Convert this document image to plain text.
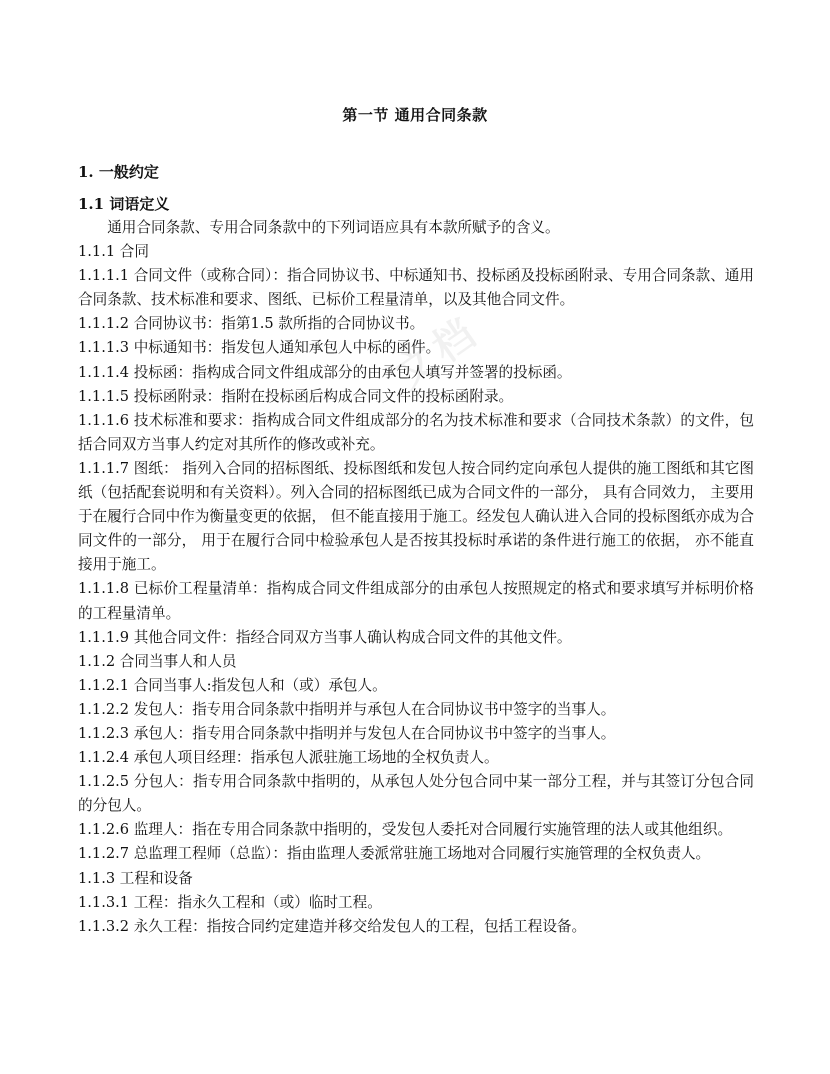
文档
第一节 通用合同条款

1. 一般约定

1.1 词语定义

通用合同条款、专用合同条款中的下列词语应具有本款所赋予的含义。

1.1.1 合同

1.1.1.1 合同文件（或称合同）：指合同协议书、中标通知书、投标函及投标函附录、专用合同条款、通用合同条款、技术标准和要求、图纸、已标价工程量清单，以及其他合同文件。

1.1.1.2 合同协议书：指第1.5 款所指的合同协议书。

1.1.1.3 中标通知书：指发包人通知承包人中标的函件。

1.1.1.4 投标函：指构成合同文件组成部分的由承包人填写并签署的投标函。

1.1.1.5 投标函附录：指附在投标函后构成合同文件的投标函附录。

1.1.1.6 技术标准和要求：指构成合同文件组成部分的名为技术标准和要求（合同技术条款）的文件，包括合同双方当事人约定对其所作的修改或补充。

1.1.1.7 图纸： 指列入合同的招标图纸、投标图纸和发包人按合同约定向承包人提供的施工图纸和其它图纸（包括配套说明和有关资料）。列入合同的招标图纸已成为合同文件的一部分， 具有合同效力， 主要用于在履行合同中作为衡量变更的依据， 但不能直接用于施工。经发包人确认进入合同的投标图纸亦成为合同文件的一部分， 用于在履行合同中检验承包人是否按其投标时承诺的条件进行施工的依据， 亦不能直接用于施工。

1.1.1.8 已标价工程量清单：指构成合同文件组成部分的由承包人按照规定的格式和要求填写并标明价格的工程量清单。

1.1.1.9 其他合同文件：指经合同双方当事人确认构成合同文件的其他文件。

1.1.2 合同当事人和人员

1.1.2.1 合同当事人:指发包人和（或）承包人。

1.1.2.2 发包人：指专用合同条款中指明并与承包人在合同协议书中签字的当事人。

1.1.2.3 承包人：指专用合同条款中指明并与发包人在合同协议书中签字的当事人。

1.1.2.4 承包人项目经理：指承包人派驻施工场地的全权负责人。

1.1.2.5 分包人：指专用合同条款中指明的，从承包人处分包合同中某一部分工程，并与其签订分包合同的分包人。

1.1.2.6 监理人：指在专用合同条款中指明的，受发包人委托对合同履行实施管理的法人或其他组织。

1.1.2.7 总监理工程师（总监）：指由监理人委派常驻施工场地对合同履行实施管理的全权负责人。

1.1.3 工程和设备

1.1.3.1 工程：指永久工程和（或）临时工程。

1.1.3.2 永久工程：指按合同约定建造并移交给发包人的工程，包括工程设备。
